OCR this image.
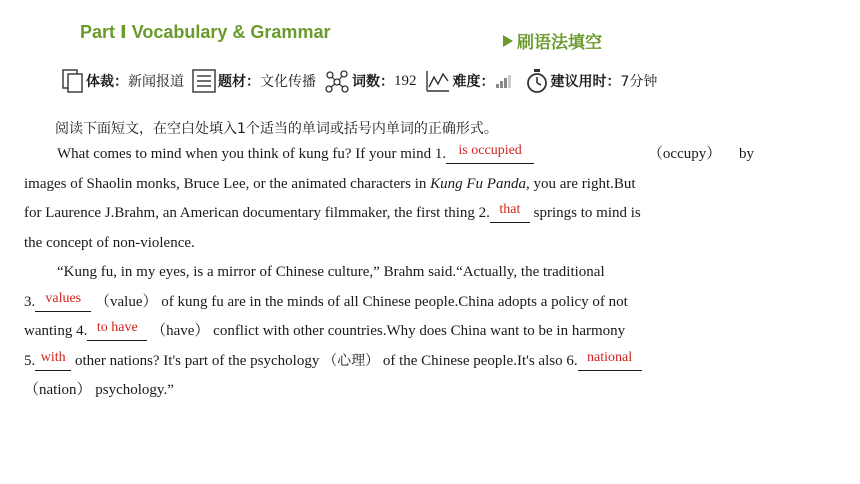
Part Ⅰ Vocabulary & Grammar
刷语法填空
体裁： 新闻报道 题材： 文化传播	词数： 192	难度：	建议用时： 7分钟
阅读下面短文，在空白处填入1个适当的单词或括号内单词的正确形式。
What comes to mind when you think of kung fu? If your mind 1. is occupied	（occupy） by
images of Shaolin monks, Bruce Lee, or the animated characters in Kung Fu Panda, you are right.But
for Laurence J.Brahm, an American documentary filmmaker, the first thing 2. that springs to mind is
the concept of non-violence.
“Kung fu, in my eyes, is a mirror of Chinese culture,” Brahm said.“Actually, the traditional
3. values （value） of kung fu are in the minds of all Chinese people.China adopts a policy of not
wanting 4. to have （have） conflict with other countries.Why does China want to be in harmony
5. with other nations? It's part of the psychology （心理） of the Chinese people.It's also 6. national
（nation）
psychology.”
